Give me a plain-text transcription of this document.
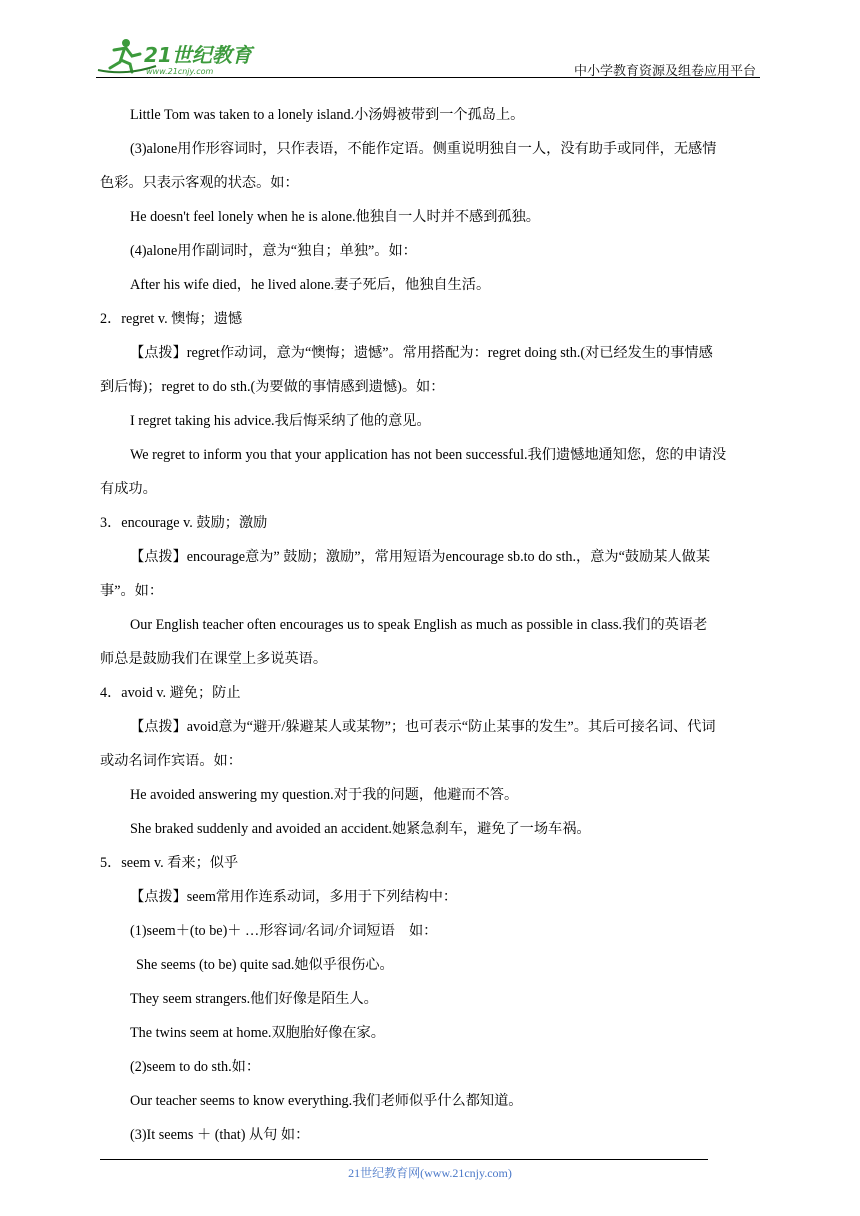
21世纪教育
www.21cnjy.com	中小学教育资源及组卷应用平台
Little Tom was taken to a lonely island.小汤姆被带到一个孤岛上。
(3)alone用作形容词时，只作表语，不能作定语。侧重说明独自一人，没有助手或同伴，无感情
色彩。只表示客观的状态。如：
He doesn't feel lonely when he is alone.他独自一人时并不感到孤独。
(4)alone用作副词时，意为“独自；单独”。如：
After his wife died，he lived alone.妻子死后，他独自生活。
2．regret v. 懊悔；遗憾
【点拨】regret作动词，意为“懊悔；遗憾”。常用搭配为：regret doing sth.(对已经发生的事情感
到后悔)；regret to do sth.(为要做的事情感到遗憾)。如：
I regret taking his advice.我后悔采纳了他的意见。
We regret to inform you that your application has not been successful.我们遗憾地通知您，您的申请没
有成功。
3．encourage v. 鼓励；激励
【点拨】encourage意为” 鼓励；激励”，常用短语为encourage sb.to do sth.，意为“鼓励某人做某
事”。如：
Our English teacher often encourages us to speak English as much as possible in class.我们的英语老
师总是鼓励我们在课堂上多说英语。
4．avoid v. 避免；防止
【点拨】avoid意为“避开/躲避某人或某物”；也可表示“防止某事的发生”。其后可接名词、代词
或动名词作宾语。如：
He avoided answering my question.对于我的问题，他避而不答。
She braked suddenly and avoided an accident.她紧急刹车，避免了一场车祸。
5．seem v. 看来；似乎
【点拨】seem常用作连系动词，多用于下列结构中：
(1)seem＋(to be)＋ …形容词/名词/介词短语　如：
She seems (to be) quite sad.她似乎很伤心。
They seem strangers.他们好像是陌生人。
The twins seem at home.双胞胎好像在家。
(2)seem to do sth.如：
Our teacher seems to know everything.我们老师似乎什么都知道。
(3)It seems ＋ (that) 从句 如：
21世纪教育网(www.21cnjy.com)
